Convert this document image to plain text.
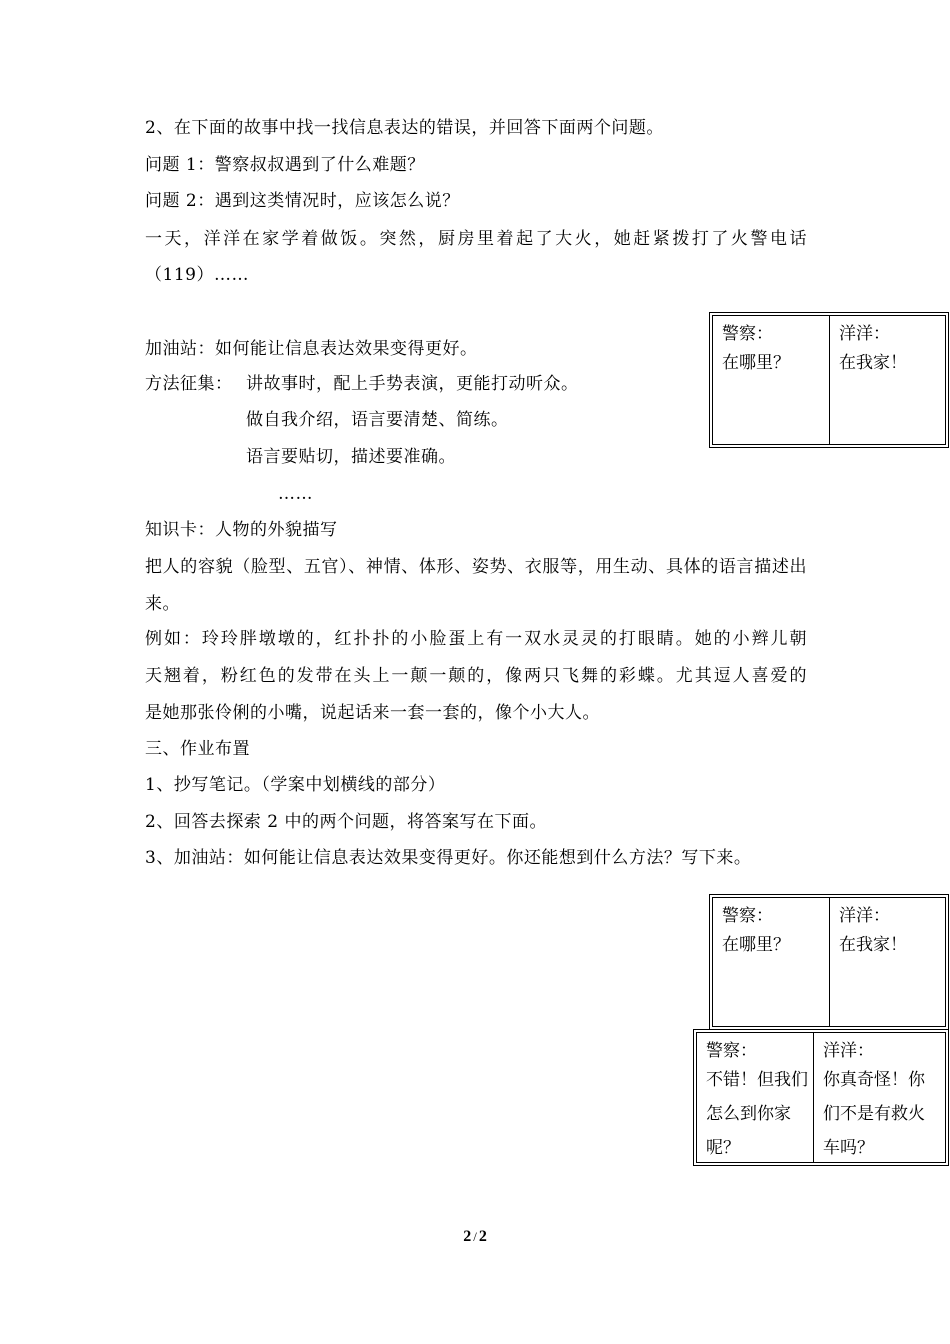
2、在下面的故事中找一找信息表达的错误，并回答下面两个问题。
问题 1：警察叔叔遇到了什么难题？
问题 2：遇到这类情况时，应该怎么说？
一天，洋洋在家学着做饭。突然，厨房里着起了大火，她赶紧拨打了火警电话
（119）……
加油站：如何能让信息表达效果变得更好。
方法征集： 讲故事时，配上手势表演，更能打动听众。
做自我介绍，语言要清楚、简练。
语言要贴切，描述要准确。
……
知识卡：人物的外貌描写
把人的容貌（脸型、五官）、神情、体形、姿势、衣服等，用生动、具体的语言描述出
来。
例如：玲玲胖墩墩的，红扑扑的小脸蛋上有一双水灵灵的打眼睛。她的小辫儿朝
天翘着，粉红色的发带在头上一颠一颠的，像两只飞舞的彩蝶。尤其逗人喜爱的
是她那张伶俐的小嘴，说起话来一套一套的，像个小大人。
三、作业布置
1、抄写笔记。（学案中划横线的部分）
2、回答去探索 2 中的两个问题，将答案写在下面。
3、加油站：如何能让信息表达效果变得更好。你还能想到什么方法？写下来。
警察：
在哪里？
洋洋：
在我家！
警察：
在哪里？
洋洋：
在我家！
警察：
不错！但我们怎么到你家呢？
洋洋：
你真奇怪！你们不是有救火车吗？
2 / 2
